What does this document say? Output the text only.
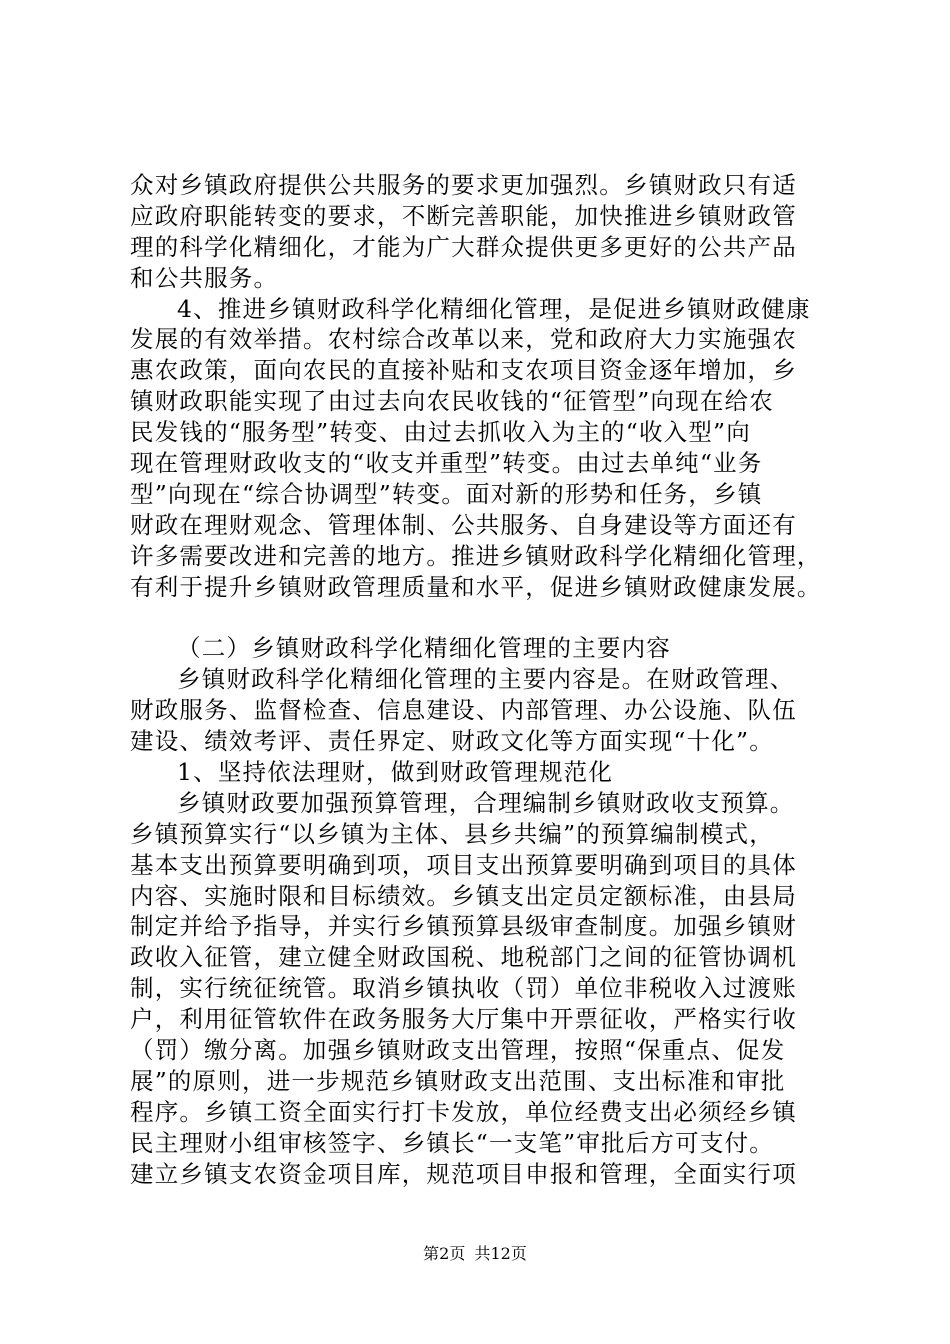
众对乡镇政府提供公共服务的要求更加强烈。乡镇财政只有适
应政府职能转变的要求，不断完善职能，加快推进乡镇财政管
理的科学化精细化，才能为广大群众提供更多更好的公共产品
和公共服务。
4、推进乡镇财政科学化精细化管理，是促进乡镇财政健康
发展的有效举措。农村综合改革以来，党和政府大力实施强农
惠农政策，面向农民的直接补贴和支农项目资金逐年增加，乡
镇财政职能实现了由过去向农民收钱的“征管型”向现在给农
民发钱的“服务型”转变、由过去抓收入为主的“收入型”向
现在管理财政收支的“收支并重型”转变。由过去单纯“业务
型”向现在“综合协调型”转变。面对新的形势和任务，乡镇
财政在理财观念、管理体制、公共服务、自身建设等方面还有
许多需要改进和完善的地方。推进乡镇财政科学化精细化管理，
有利于提升乡镇财政管理质量和水平，促进乡镇财政健康发展。
（二）乡镇财政科学化精细化管理的主要内容
乡镇财政科学化精细化管理的主要内容是。在财政管理、
财政服务、监督检查、信息建设、内部管理、办公设施、队伍
建设、绩效考评、责任界定、财政文化等方面实现“十化”。
1、坚持依法理财，做到财政管理规范化
乡镇财政要加强预算管理，合理编制乡镇财政收支预算。
乡镇预算实行“以乡镇为主体、县乡共编”的预算编制模式，
基本支出预算要明确到项，项目支出预算要明确到项目的具体
内容、实施时限和目标绩效。乡镇支出定员定额标准，由县局
制定并给予指导，并实行乡镇预算县级审查制度。加强乡镇财
政收入征管，建立健全财政国税、地税部门之间的征管协调机
制，实行统征统管。取消乡镇执收（罚）单位非税收入过渡账
户，利用征管软件在政务服务大厅集中开票征收，严格实行收
（罚）缴分离。加强乡镇财政支出管理，按照“保重点、促发
展”的原则，进一步规范乡镇财政支出范围、支出标准和审批
程序。乡镇工资全面实行打卡发放，单位经费支出必须经乡镇
民主理财小组审核签字、乡镇长“一支笔”审批后方可支付。
建立乡镇支农资金项目库，规范项目申报和管理，全面实行项
第2页 共12页
